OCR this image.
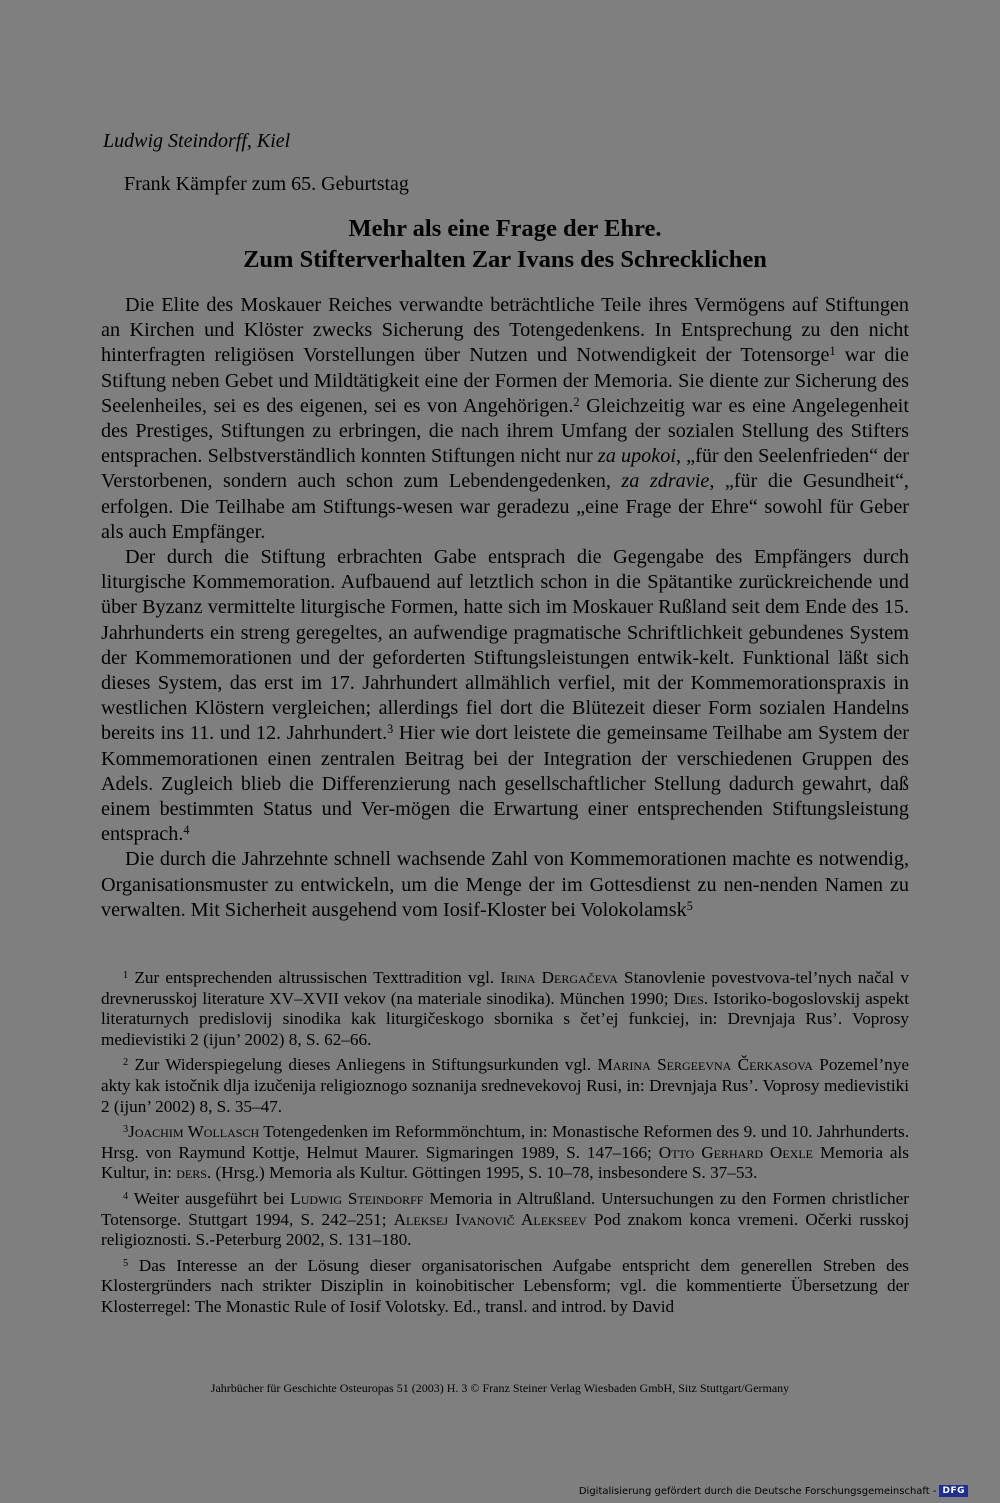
Ludwig Steindorff, Kiel
Frank Kämpfer zum 65. Geburtstag
Mehr als eine Frage der Ehre.
Zum Stifterverhalten Zar Ivans des Schrecklichen

Die Elite des Moskauer Reiches verwandte beträchtliche Teile ihres Vermögens auf Stiftungen an Kirchen und Klöster zwecks Sicherung des Totengedenkens. In Entsprechung zu den nicht hinterfragten religiösen Vorstellungen über Nutzen und Notwendigkeit der Totensorge$^1$ war die Stiftung neben Gebet und Mildtätigkeit eine der Formen der Memoria. Sie diente zur Sicherung des Seelenheiles, sei es des eigenen, sei es von Angehörigen.$^2$ Gleichzeitig war es eine Angelegenheit des Prestiges, Stiftungen zu erbringen, die nach ihrem Umfang der sozialen Stellung des Stifters entsprachen. Selbstverständlich konnten Stiftungen nicht nur za upokoi, „für den Seelenfrieden“ der Verstorbenen, sondern auch schon zum Lebendengedenken, za zdravie, „für die Gesundheit“, erfolgen. Die Teilhabe am Stiftungs-wesen war geradezu „eine Frage der Ehre“ sowohl für Geber als auch Empfänger.

Der durch die Stiftung erbrachten Gabe entsprach die Gegengabe des Empfängers durch liturgische Kommemoration. Aufbauend auf letztlich schon in die Spätantike zurückreichende und über Byzanz vermittelte liturgische Formen, hatte sich im Moskauer Rußland seit dem Ende des 15. Jahrhunderts ein streng geregeltes, an aufwendige pragmatische Schriftlichkeit gebundenes System der Kommemorationen und der geforderten Stiftungsleistungen entwik-kelt. Funktional läßt sich dieses System, das erst im 17. Jahrhundert allmählich verfiel, mit der Kommemorationspraxis in westlichen Klöstern vergleichen; allerdings fiel dort die Blütezeit dieser Form sozialen Handelns bereits ins 11. und 12. Jahrhundert.$^3$ Hier wie dort leistete die gemeinsame Teilhabe am System der Kommemorationen einen zentralen Beitrag bei der Integration der verschiedenen Gruppen des Adels. Zugleich blieb die Differenzierung nach gesellschaftlicher Stellung dadurch gewahrt, daß einem bestimmten Status und Ver-mögen die Erwartung einer entsprechenden Stiftungsleistung entsprach.$^4$

Die durch die Jahrzehnte schnell wachsende Zahl von Kommemorationen machte es notwendig, Organisationsmuster zu entwickeln, um die Menge der im Gottesdienst zu nen-nenden Namen zu verwalten. Mit Sicherheit ausgehend vom Iosif-Kloster bei Volokolamsk$^5$

$^1$ Zur entsprechenden altrussischen Texttradition vgl. Irina Dergačeva Stanovlenie povestvova-tel’nych načal v drevnerusskoj literature XV–XVII vekov (na materiale sinodika). München 1990; Dies. Istoriko-bogoslovskij aspekt literaturnych predislovij sinodika kak liturgičeskogo sbornika s čet’ej funkciej, in: Drevnjaja Rus’. Voprosy medievistiki 2 (ijun’ 2002) 8, S. 62–66.

$^2$ Zur Widerspiegelung dieses Anliegens in Stiftungsurkunden vgl. Marina Sergeevna Čerkasova Pozemel’nye akty kak istočnik dlja izučenija religioznogo soznanija srednevekovoj Rusi, in: Drevnjaja Rus’. Voprosy medievistiki 2 (ijun’ 2002) 8, S. 35–47.

$^3$Joachim Wollasch Totengedenken im Reformmönchtum, in: Monastische Reformen des 9. und 10. Jahrhunderts. Hrsg. von Raymund Kottje, Helmut Maurer. Sigmaringen 1989, S. 147–166; Otto Gerhard Oexle Memoria als Kultur, in: ders. (Hrsg.) Memoria als Kultur. Göttingen 1995, S. 10–78, insbesondere S. 37–53.

$^4$ Weiter ausgeführt bei Ludwig Steindorff Memoria in Altrußland. Untersuchungen zu den Formen christlicher Totensorge. Stuttgart 1994, S. 242–251; Aleksej Ivanovič Alekseev Pod znakom konca vremeni. Očerki russkoj religioznosti. S.-Peterburg 2002, S. 131–180.

$^5$ Das Interesse an der Lösung dieser organisatorischen Aufgabe entspricht dem generellen Streben des Klostergründers nach strikter Disziplin in koinobitischer Lebensform; vgl. die kommentierte Übersetzung der Klosterregel: The Monastic Rule of Iosif Volotsky. Ed., transl. and introd. by David

Jahrbücher für Geschichte Osteuropas 51 (2003) H. 3 © Franz Steiner Verlag Wiesbaden GmbH, Sitz Stuttgart/Germany
Digitalisierung gefördert durch die Deutsche Forschungsgemeinschaft - DFG
